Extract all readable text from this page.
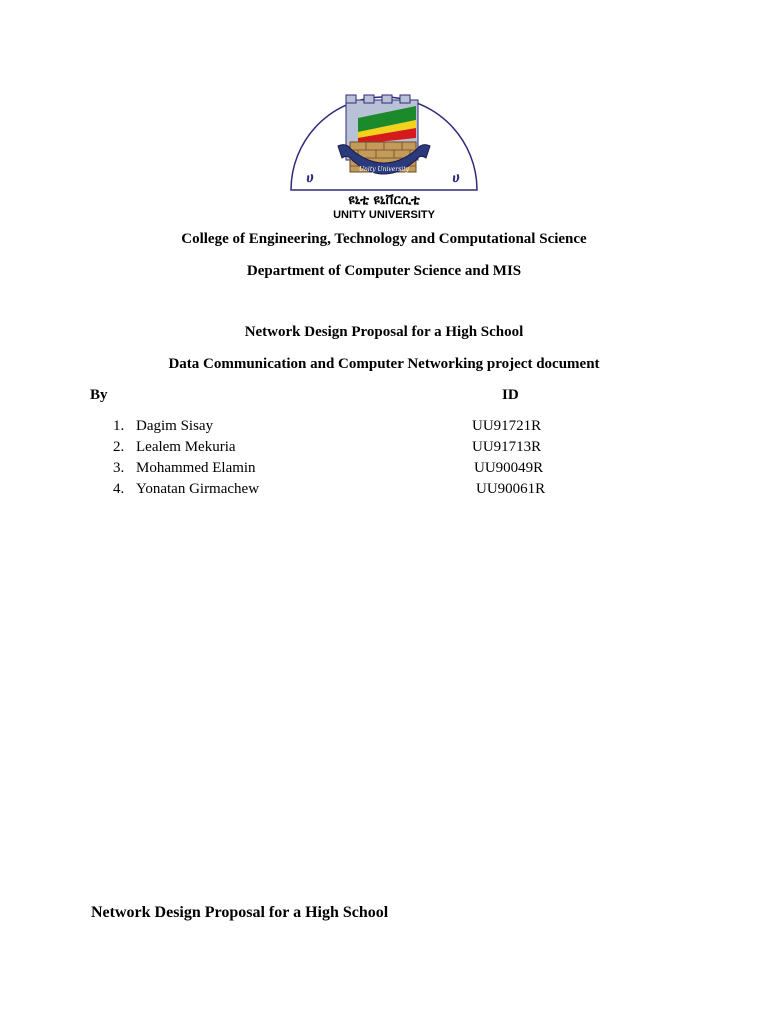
Unity University
ሀ	ሀ
ዩኒቲ ዩኒቨርሲቲ
UNITY UNIVERSITY
College of Engineering, Technology and Computational Science
Department of Computer Science and MIS
Network Design Proposal for a High School
Data Communication and Computer Networking project document
By	ID
1. Dagim Sisay	UU91721R
2. Lealem Mekuria	UU91713R
3. Mohammed Elamin	UU90049R
4. Yonatan Girmachew	UU90061R
Network Design Proposal for a High School
